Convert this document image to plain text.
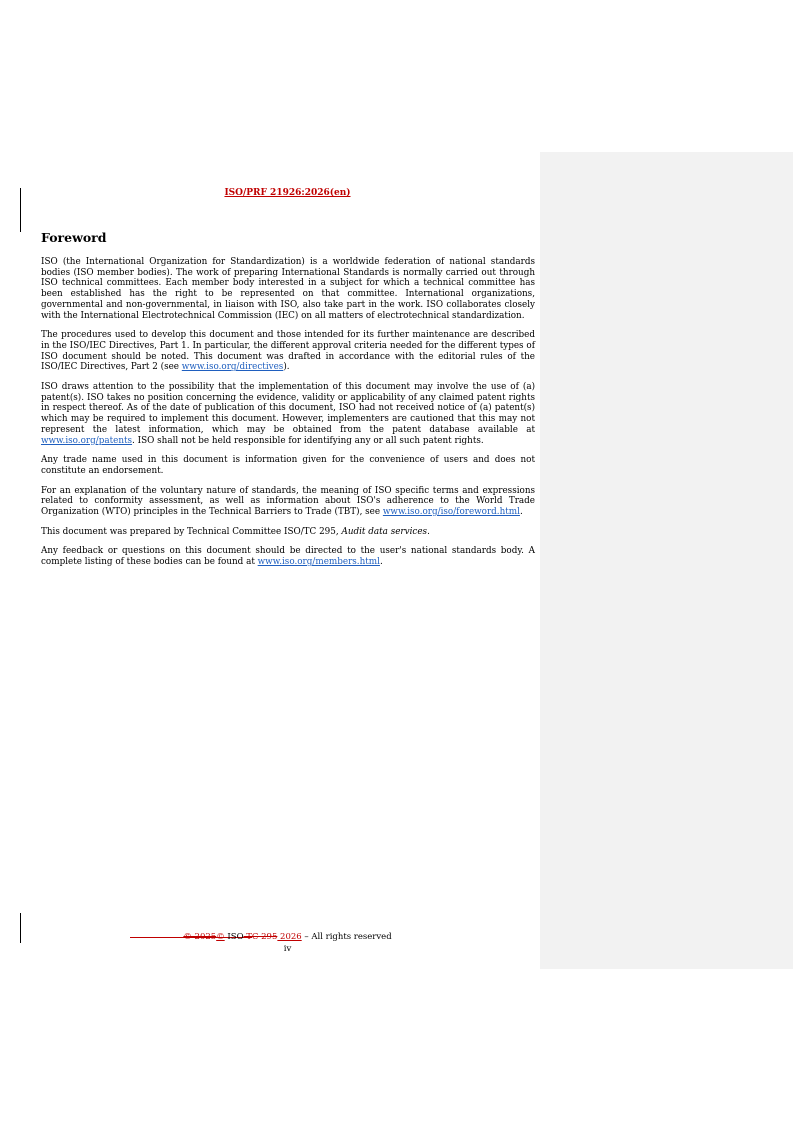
ISO/PRF 21926:2026(en)
Foreword

ISO (the International Organization for Standardization) is a worldwide federation of national standards bodies (ISO member bodies). The work of preparing International Standards is normally carried out through ISO technical committees. Each member body interested in a subject for which a technical committee has been established has the right to be represented on that committee. International organizations, governmental and non-governmental, in liaison with ISO, also take part in the work. ISO collaborates closely with the International Electrotechnical Commission (IEC) on all matters of electrotechnical standardization.

The procedures used to develop this document and those intended for its further maintenance are described in the ISO/IEC Directives, Part 1. In particular, the different approval criteria needed for the different types of ISO document should be noted. This document was drafted in accordance with the editorial rules of the ISO/IEC Directives, Part 2 (see www.iso.org/directives).

ISO draws attention to the possibility that the implementation of this document may involve the use of (a) patent(s). ISO takes no position concerning the evidence, validity or applicability of any claimed patent rights in respect thereof. As of the date of publication of this document, ISO had not received notice of (a) patent(s) which may be required to implement this document. However, implementers are cautioned that this may not represent the latest information, which may be obtained from the patent database available at www.iso.org/patents. ISO shall not be held responsible for identifying any or all such patent rights.

Any trade name used in this document is information given for the convenience of users and does not constitute an endorsement.

For an explanation of the voluntary nature of standards, the meaning of ISO specific terms and expressions related to conformity assessment, as well as information about ISO's adherence to the World Trade Organization (WTO) principles in the Technical Barriers to Trade (TBT), see www.iso.org/iso/foreword.html.

This document was prepared by Technical Committee ISO/TC 295, Audit data services.

Any feedback or questions on this document should be directed to the user's national standards body. A complete listing of these bodies can be found at www.iso.org/members.html.

© 2025© ISO TC 295 2026 – All rights reserved
iv
